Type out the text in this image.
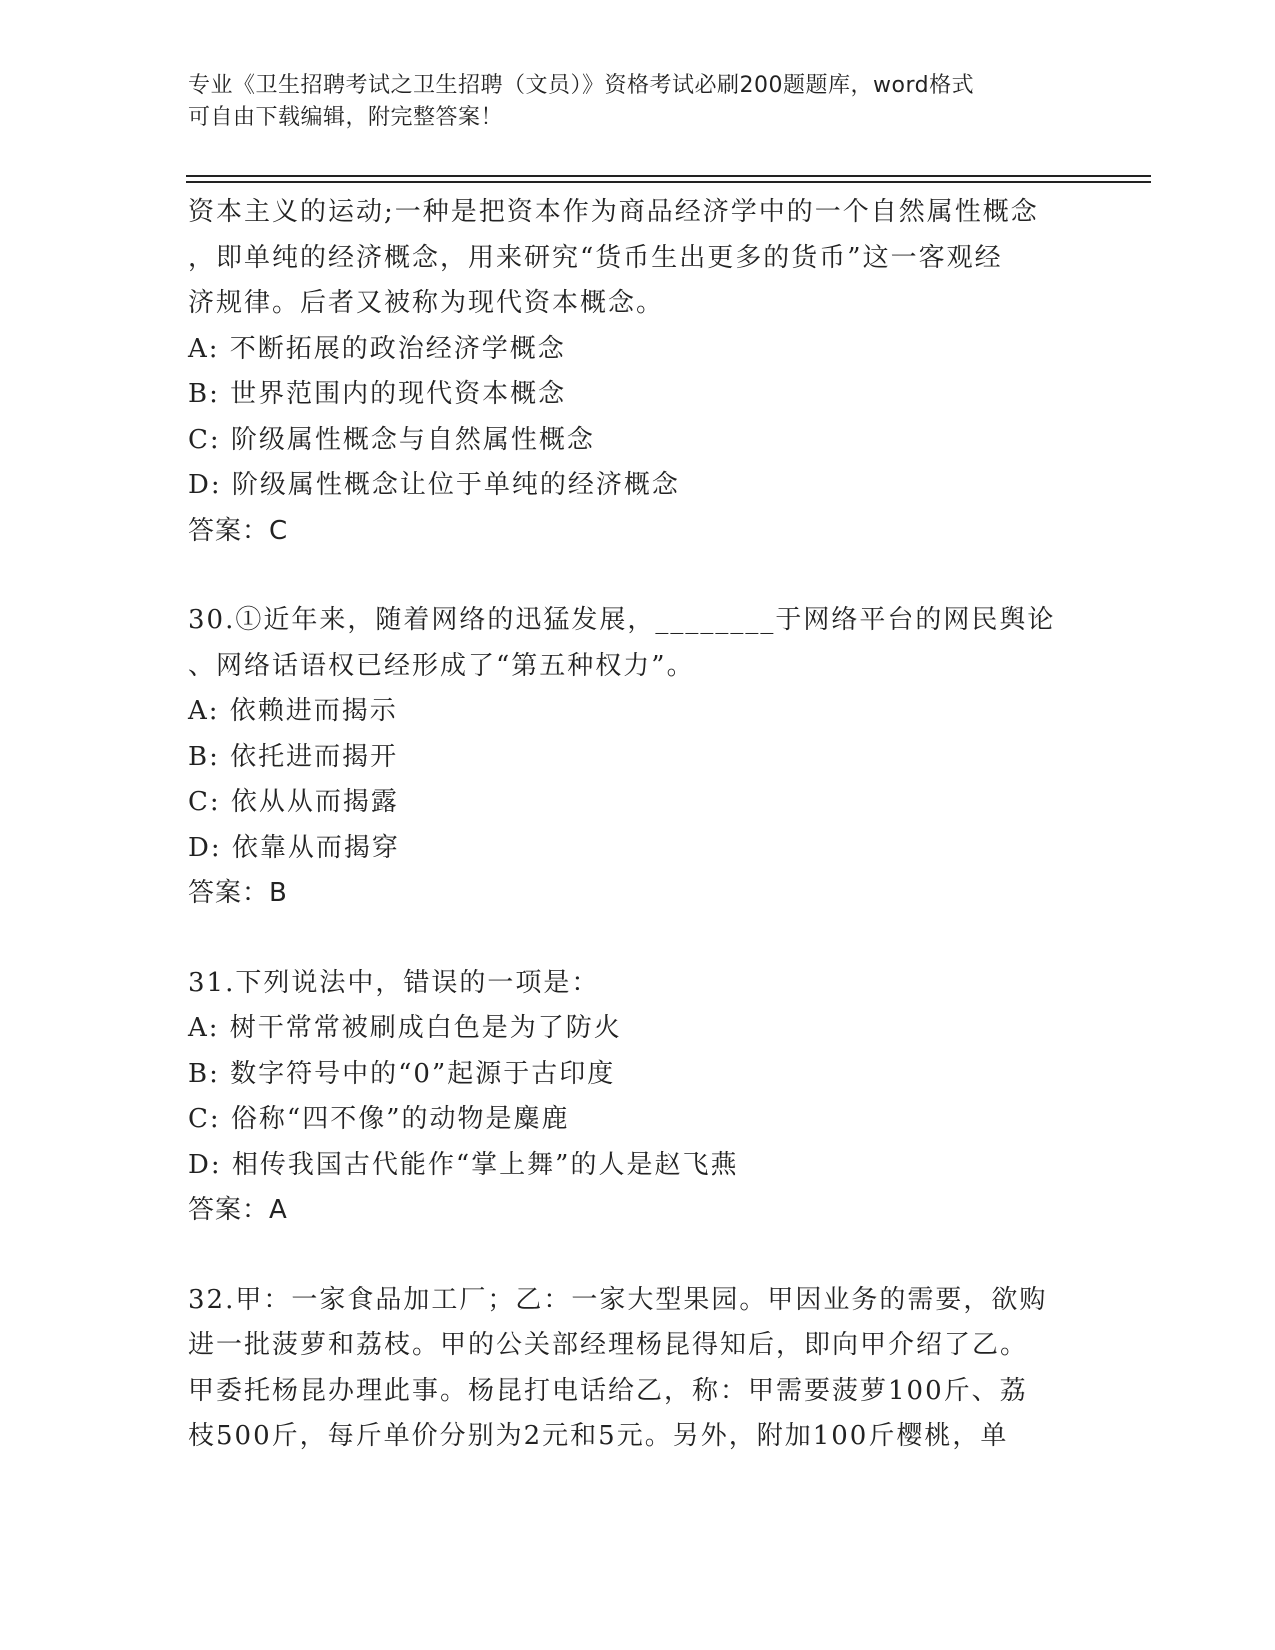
专业《卫生招聘考试之卫生招聘（文员）》资格考试必刷200题题库，word格式
可自由下载编辑，附完整答案！
资本主义的运动;一种是把资本作为商品经济学中的一个自然属性概念
，即单纯的经济概念，用来研究“货币生出更多的货币”这一客观经
济规律。后者又被称为现代资本概念。
A: 不断拓展的政治经济学概念
B: 世界范围内的现代资本概念
C: 阶级属性概念与自然属性概念
D: 阶级属性概念让位于单纯的经济概念
答案：C
30.①近年来，随着网络的迅猛发展，________于网络平台的网民舆论
、网络话语权已经形成了“第五种权力”。
A: 依赖进而揭示
B: 依托进而揭开
C: 依从从而揭露
D: 依靠从而揭穿
答案：B
31.下列说法中，错误的一项是：
A: 树干常常被刷成白色是为了防火
B: 数字符号中的“0”起源于古印度
C: 俗称“四不像”的动物是麋鹿
D: 相传我国古代能作“掌上舞”的人是赵飞燕
答案：A
32.甲：一家食品加工厂；乙：一家大型果园。甲因业务的需要，欲购
进一批菠萝和荔枝。甲的公关部经理杨昆得知后，即向甲介绍了乙。
甲委托杨昆办理此事。杨昆打电话给乙，称：甲需要菠萝100斤、荔
枝500斤，每斤单价分别为2元和5元。另外，附加100斤樱桃，单
